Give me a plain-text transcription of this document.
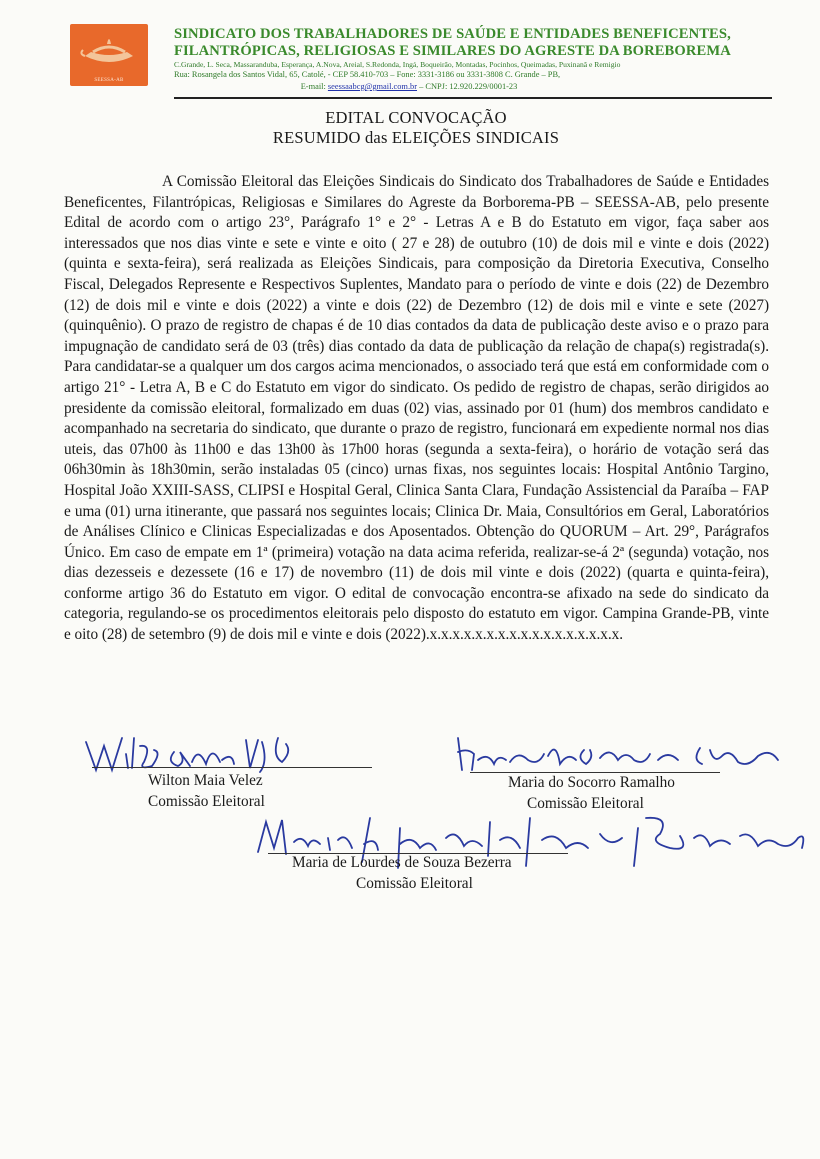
SEESSA-AB
SINDICATO DOS TRABALHADORES DE SAÚDE E ENTIDADES BENEFICENTES,
FILANTRÓPICAS, RELIGIOSAS E SIMILARES DO AGRESTE DA BOREBOREMA
C.Grande, L. Seca, Massaranduba, Esperança, A.Nova, Areial, S.Redonda, Ingá, Boqueirão, Montadas, Pocinhos, Queimadas, Puxinanã e Remigio
Rua: Rosangela dos Santos Vidal, 65, Catolé, - CEP 58.410-703 – Fone: 3331-3186 ou 3331-3808 C. Grande – PB,
E-mail: seessaabcg@gmail.com.br – CNPJ: 12.920.229/0001-23
EDITAL CONVOCAÇÃO
RESUMIDO das ELEIÇÕES SINDICAIS
A Comissão Eleitoral das Eleições Sindicais do Sindicato dos Trabalhadores de Saúde e Entidades Beneficentes, Filantrópicas, Religiosas e Similares do Agreste da Borborema-PB – SEESSA-AB, pelo presente Edital de acordo com o artigo 23°, Parágrafo 1° e 2° - Letras A e B do Estatuto em vigor, faça saber aos interessados que nos dias vinte e sete e vinte e oito ( 27 e 28) de outubro (10) de dois mil e vinte e dois (2022) (quinta e sexta-feira), será realizada as Eleições Sindicais, para composição da Diretoria Executiva, Conselho Fiscal, Delegados Represente e Respectivos Suplentes, Mandato para o período de vinte e dois (22) de Dezembro (12) de dois mil e vinte e dois (2022) a vinte e dois (22) de Dezembro (12) de dois mil e vinte e sete (2027) (quinquênio). O prazo de registro de chapas é de 10 dias contados da data de publicação deste aviso e o prazo para impugnação de candidato será de 03 (três) dias contado da data de publicação da relação de chapa(s) registrada(s). Para candidatar-se a qualquer um dos cargos acima mencionados, o associado terá que está em conformidade com o artigo 21° - Letra A, B e C do Estatuto em vigor do sindicato. Os pedido de registro de chapas, serão dirigidos ao presidente da comissão eleitoral, formalizado em duas (02) vias, assinado por 01 (hum) dos membros candidato e acompanhado na secretaria do sindicato, que durante o prazo de registro, funcionará em expediente normal nos dias uteis, das 07h00 às 11h00 e das 13h00 às 17h00 horas (segunda a sexta-feira), o horário de votação será das 06h30min às 18h30min, serão instaladas 05 (cinco) urnas fixas, nos seguintes locais: Hospital Antônio Targino, Hospital João XXIII-SASS, CLIPSI e Hospital Geral, Clinica Santa Clara, Fundação Assistencial da Paraíba – FAP e uma (01) urna itinerante, que passará nos seguintes locais; Clinica Dr. Maia, Consultórios em Geral, Laboratórios de Análises Clínico e Clinicas Especializadas e dos Aposentados. Obtenção do QUORUM – Art. 29°, Parágrafos Único. Em caso de empate em 1ª (primeira) votação na data acima referida, realizar-se-á 2ª (segunda) votação, nos dias dezesseis e dezessete (16 e 17) de novembro (11) de dois mil vinte e dois (2022) (quarta e quinta-feira), conforme artigo 36 do Estatuto em vigor. O edital de convocação encontra-se afixado na sede do sindicato da categoria, regulando-se os procedimentos eleitorais pelo disposto do estatuto em vigor. Campina Grande-PB, vinte e oito (28) de setembro (9) de dois mil e vinte e dois (2022).x.x.x.x.x.x.x.x.x.x.x.x.x.x.x.x.x.
Wilton Maia Velez
Comissão Eleitoral
Maria do Socorro Ramalho
Comissão Eleitoral
Maria de Lourdes de Souza Bezerra
Comissão Eleitoral
